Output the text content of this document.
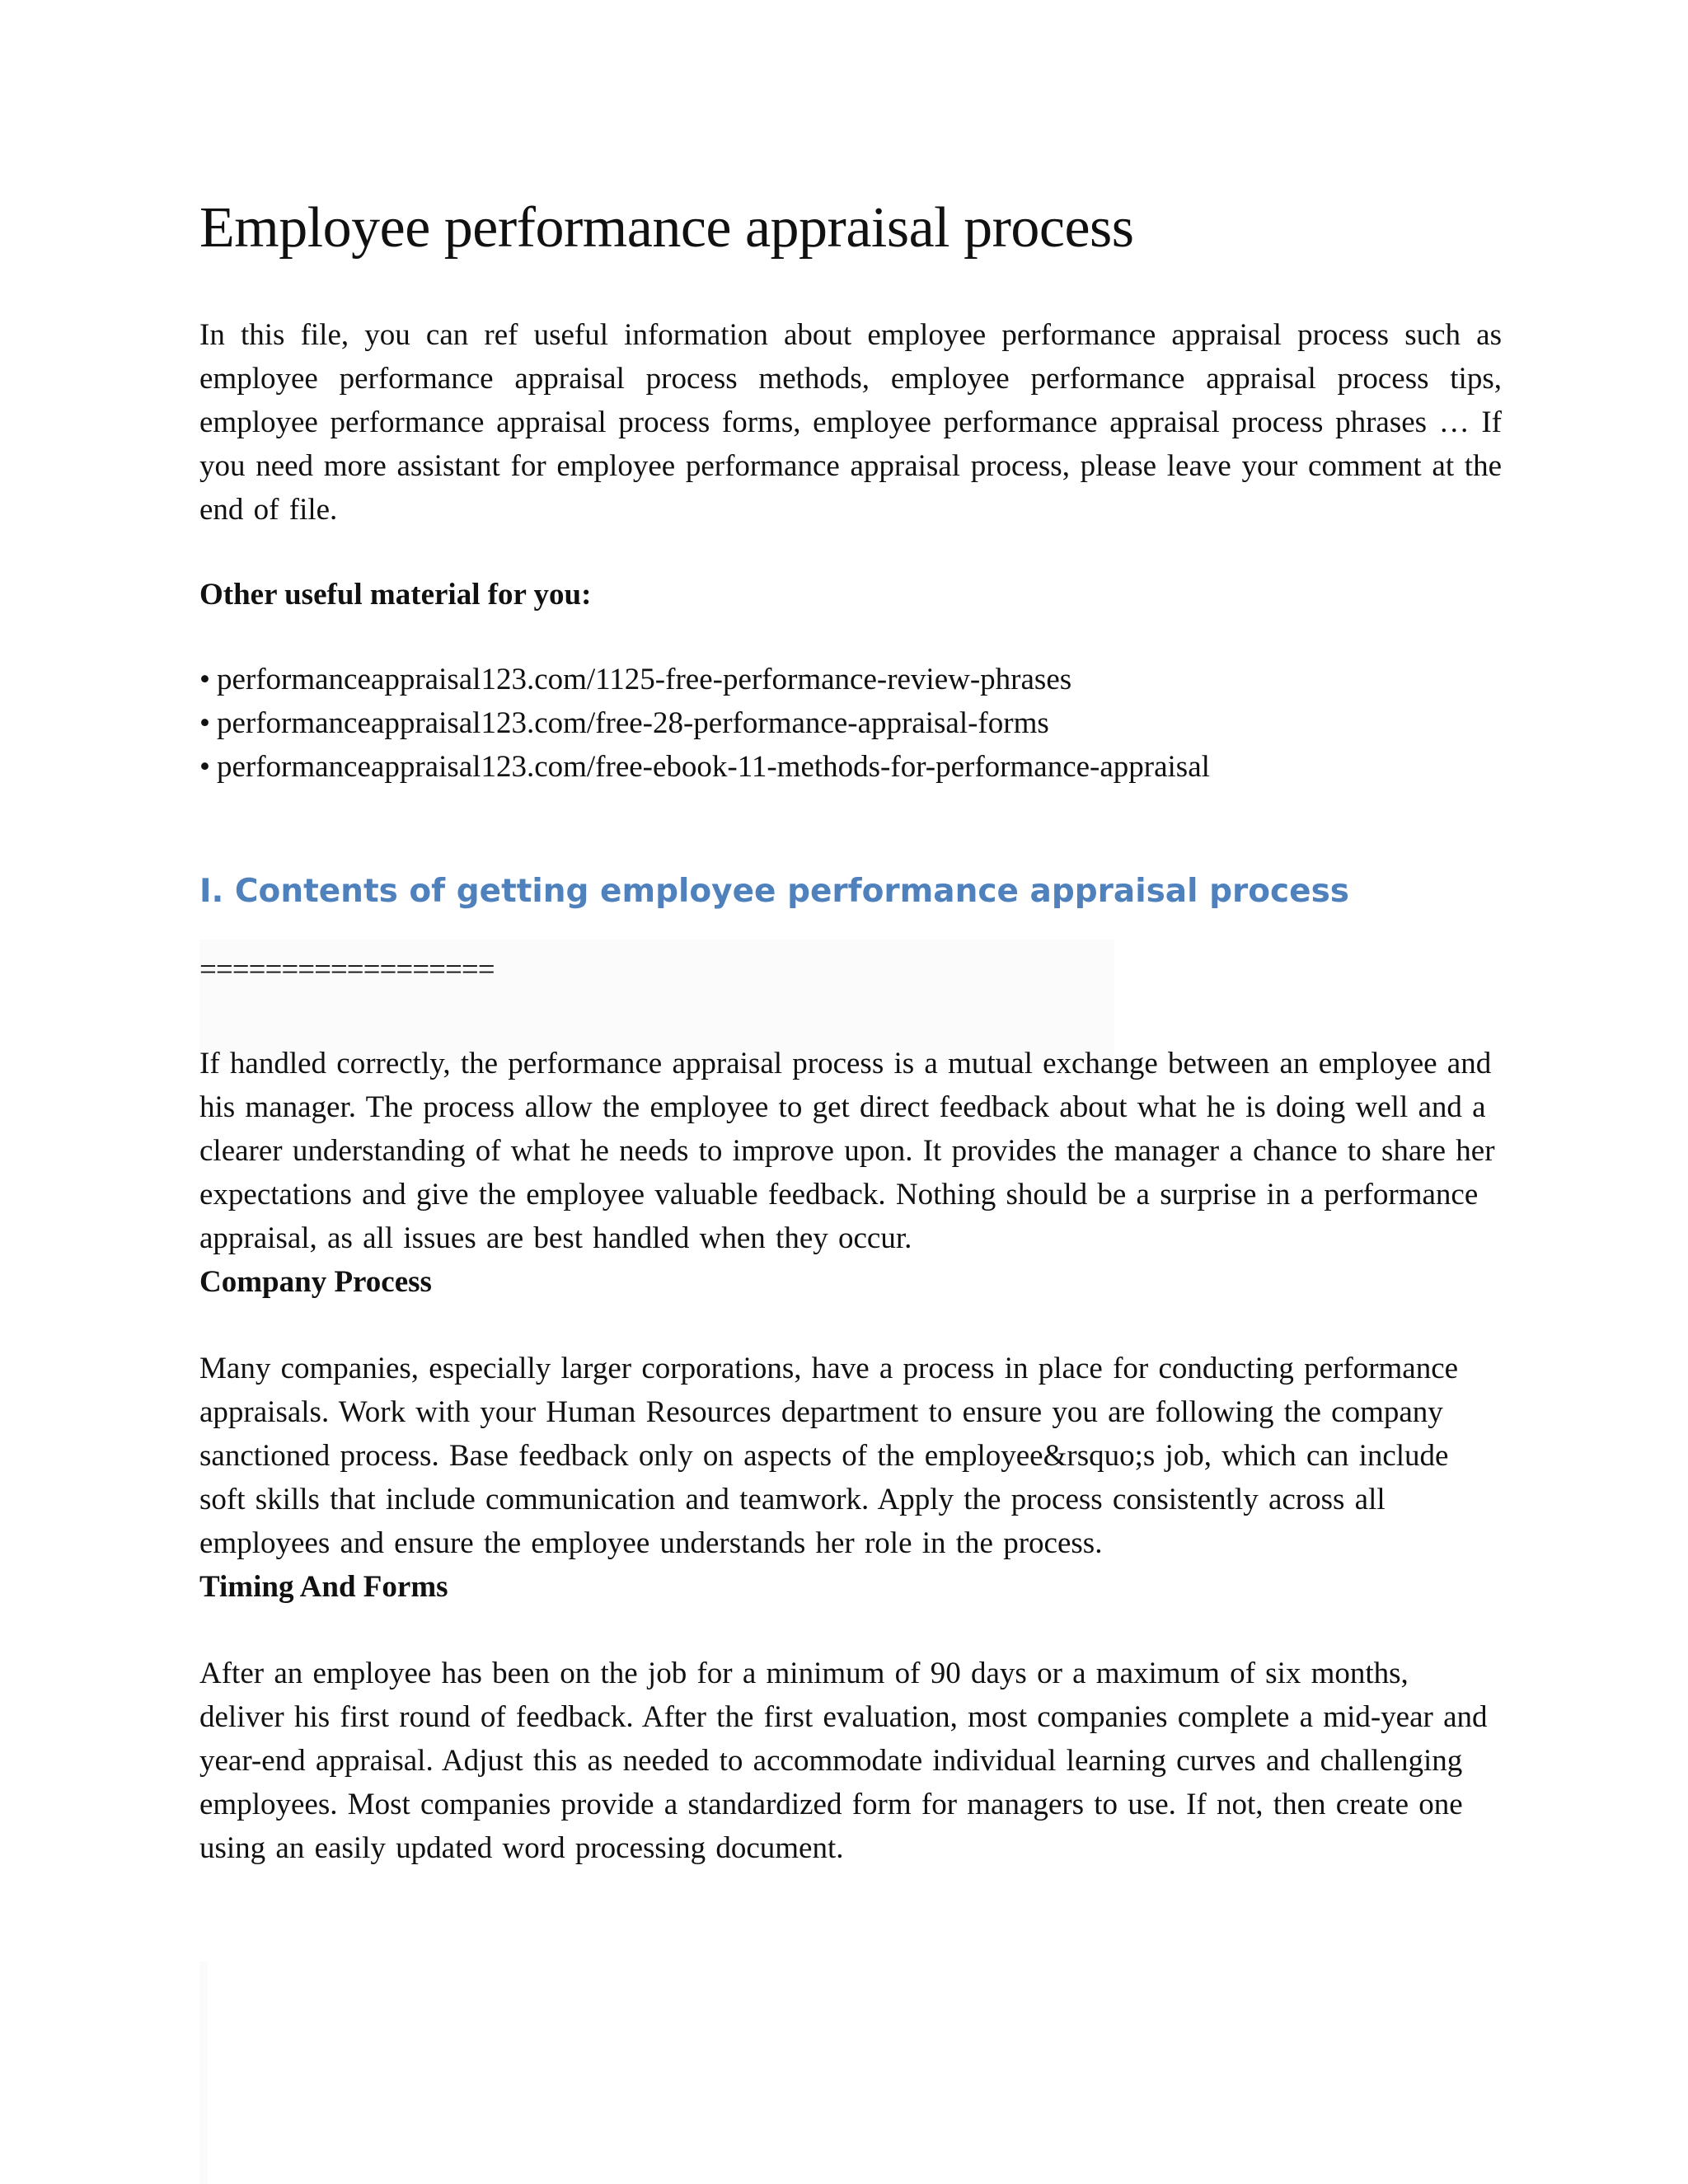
Employee performance appraisal process

In this file, you can ref useful information about employee performance appraisal process such as employee performance appraisal process methods, employee performance appraisal process tips, employee performance appraisal process forms, employee performance appraisal process phrases … If you need more assistant for employee performance appraisal process, please leave your comment at the end of file.

Other useful material for you:

• performanceappraisal123.com/1125-free-performance-review-phrases
• performanceappraisal123.com/free-28-performance-appraisal-forms
• performanceappraisal123.com/free-ebook-11-methods-for-performance-appraisal
I. Contents of getting employee performance appraisal process

==================

If handled correctly, the performance appraisal process is a mutual exchange between an employee and his manager. The process allow the employee to get direct feedback about what he is doing well and a clearer understanding of what he needs to improve upon. It provides the manager a chance to share her expectations and give the employee valuable feedback. Nothing should be a surprise in a performance appraisal, as all issues are best handled when they occur.

Company Process

Many companies, especially larger corporations, have a process in place for conducting performance appraisals. Work with your Human Resources department to ensure you are following the company sanctioned process. Base feedback only on aspects of the employee&rsquo;s job, which can include soft skills that include communication and teamwork. Apply the process consistently across all employees and ensure the employee understands her role in the process.

Timing And Forms

After an employee has been on the job for a minimum of 90 days or a maximum of six months, deliver his first round of feedback. After the first evaluation, most companies complete a mid-year and year-end appraisal. Adjust this as needed to accommodate individual learning curves and challenging employees. Most companies provide a standardized form for managers to use. If not, then create one using an easily updated word processing document.
